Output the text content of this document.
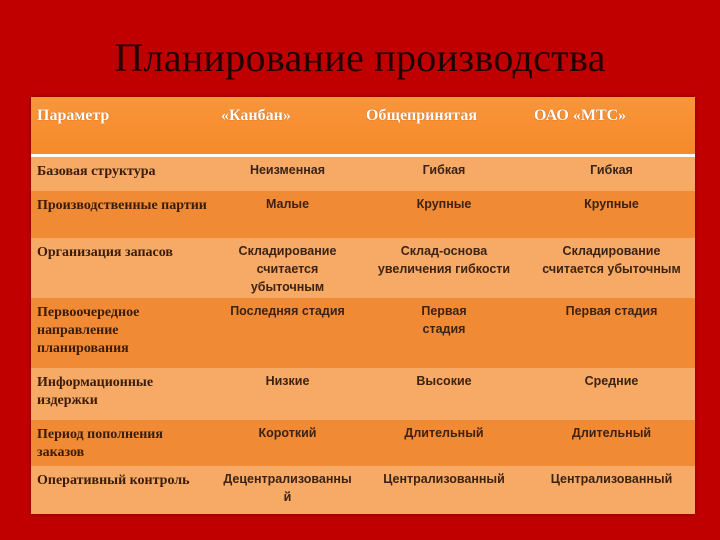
Планирование производства
Параметр	«Канбан»	Общепринятая	ОАО «МТС»
Базовая структура	Неизменная	Гибкая	Гибкая
Производственные партии	Малые	Крупные	Крупные
Организация запасов	Складирование считается убыточным	Склад-основа увеличения гибкости	Складирование считается убыточным
Первоочередное направление планирования	Последняя стадия	Первая стадия	Первая стадия
Информационные издержки	Низкие	Высокие	Средние
Период пополнения заказов	Короткий	Длительный	Длительный
Оперативный контроль	Децентрализованный	Централизованный	Централизованный
